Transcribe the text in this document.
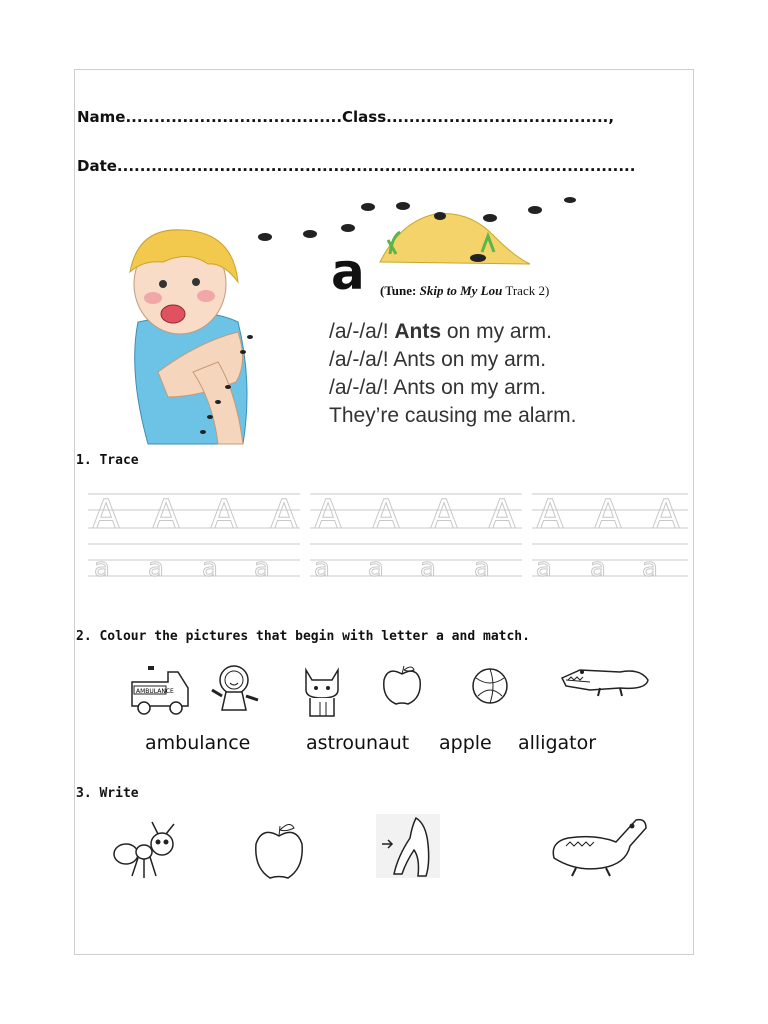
Name......................................Class.......................................,
Date...........................................................................................
a (Tune: Skip to My Lou Track 2)
/a/-/a/! Ants on my arm.
/a/-/a/! Ants on my arm.
/a/-/a/! Ants on my arm.
They’re causing me alarm.
1. Trace
A A A A A A A A A A A
a a a a a a a a a a a
2. Colour the pictures that begin with letter a and match.
AMBULANCE
ambulance	astrounaut apple alligator
3. Write
